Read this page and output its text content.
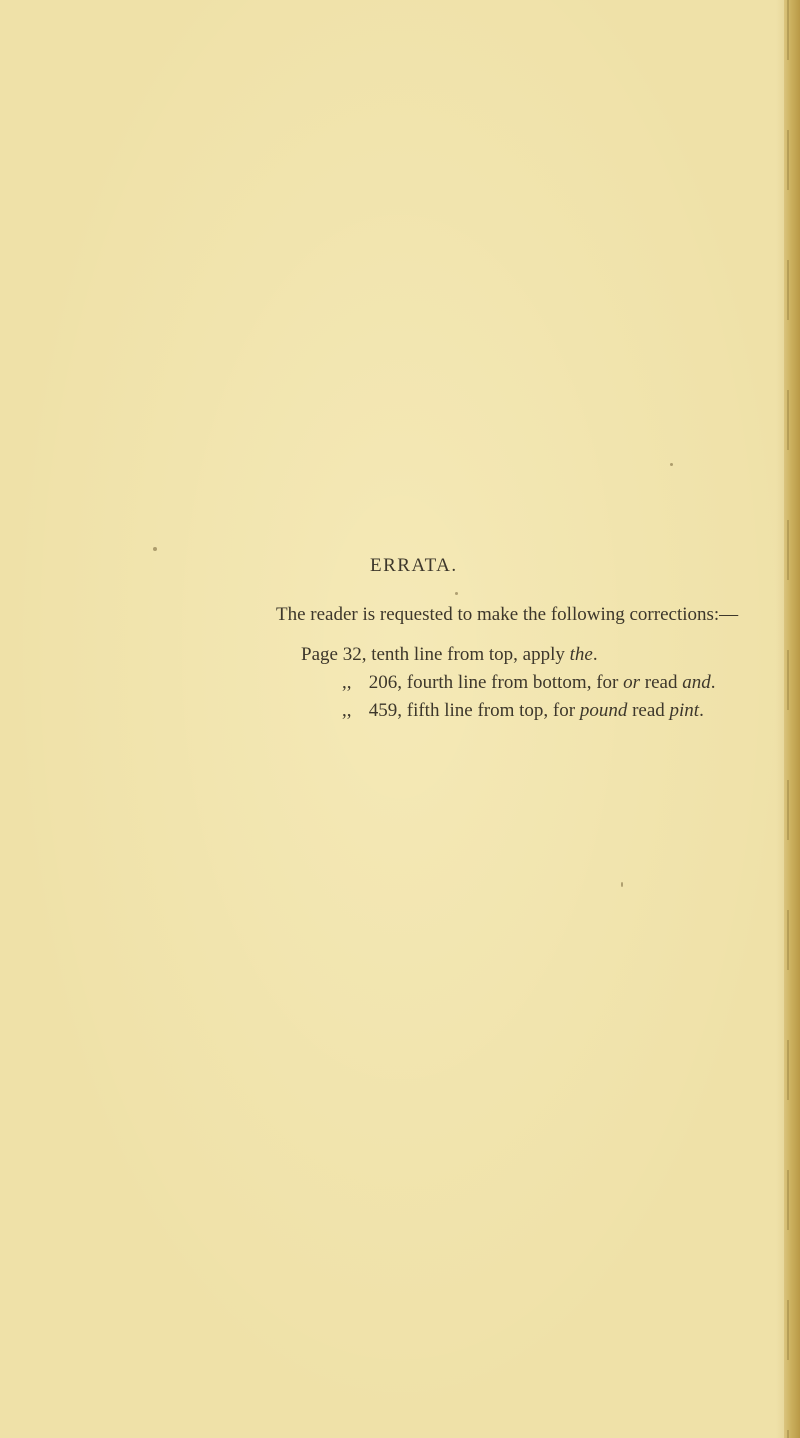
ERRATA.
The reader is requested to make the following corrections:—
Page 32, tenth line from top, apply the.
,, 206, fourth line from bottom, for or read and.
,, 459, fifth line from top, for pound read pint.
